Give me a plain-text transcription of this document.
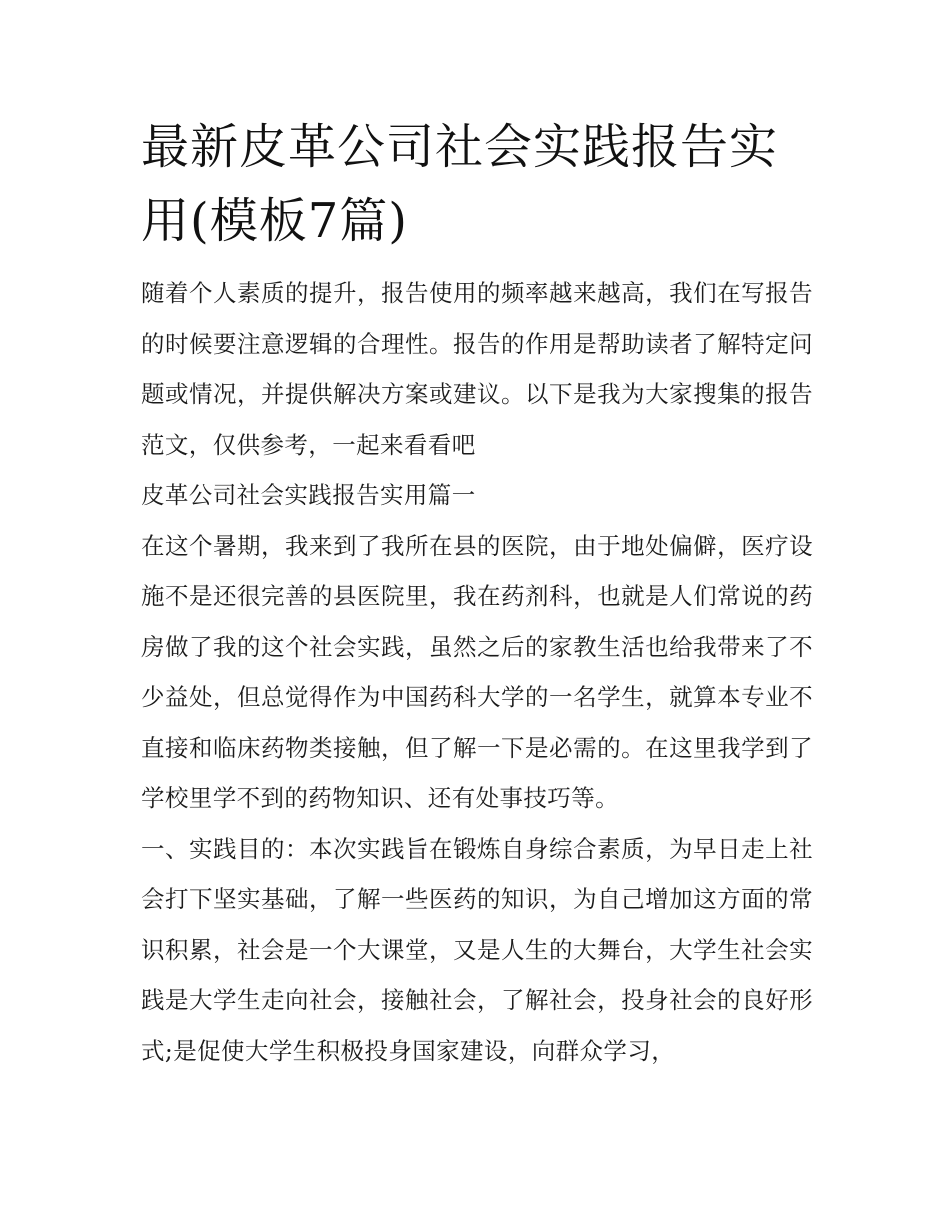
最新皮革公司社会实践报告实用(模板7篇)

随着个人素质的提升，报告使用的频率越来越高，我们在写报告的时候要注意逻辑的合理性。报告的作用是帮助读者了解特定问题或情况，并提供解决方案或建议。以下是我为大家搜集的报告范文，仅供参考，一起来看看吧

皮革公司社会实践报告实用篇一

在这个暑期，我来到了我所在县的医院，由于地处偏僻，医疗设施不是还很完善的县医院里，我在药剂科，也就是人们常说的药房做了我的这个社会实践，虽然之后的家教生活也给我带来了不少益处，但总觉得作为中国药科大学的一名学生，就算本专业不直接和临床药物类接触，但了解一下是必需的。在这里我学到了学校里学不到的药物知识、还有处事技巧等。

一、实践目的：本次实践旨在锻炼自身综合素质，为早日走上社会打下坚实基础，了解一些医药的知识，为自己增加这方面的常识积累，社会是一个大课堂，又是人生的大舞台，大学生社会实践是大学生走向社会，接触社会，了解社会，投身社会的良好形式;是促使大学生积极投身国家建设，向群众学习，
